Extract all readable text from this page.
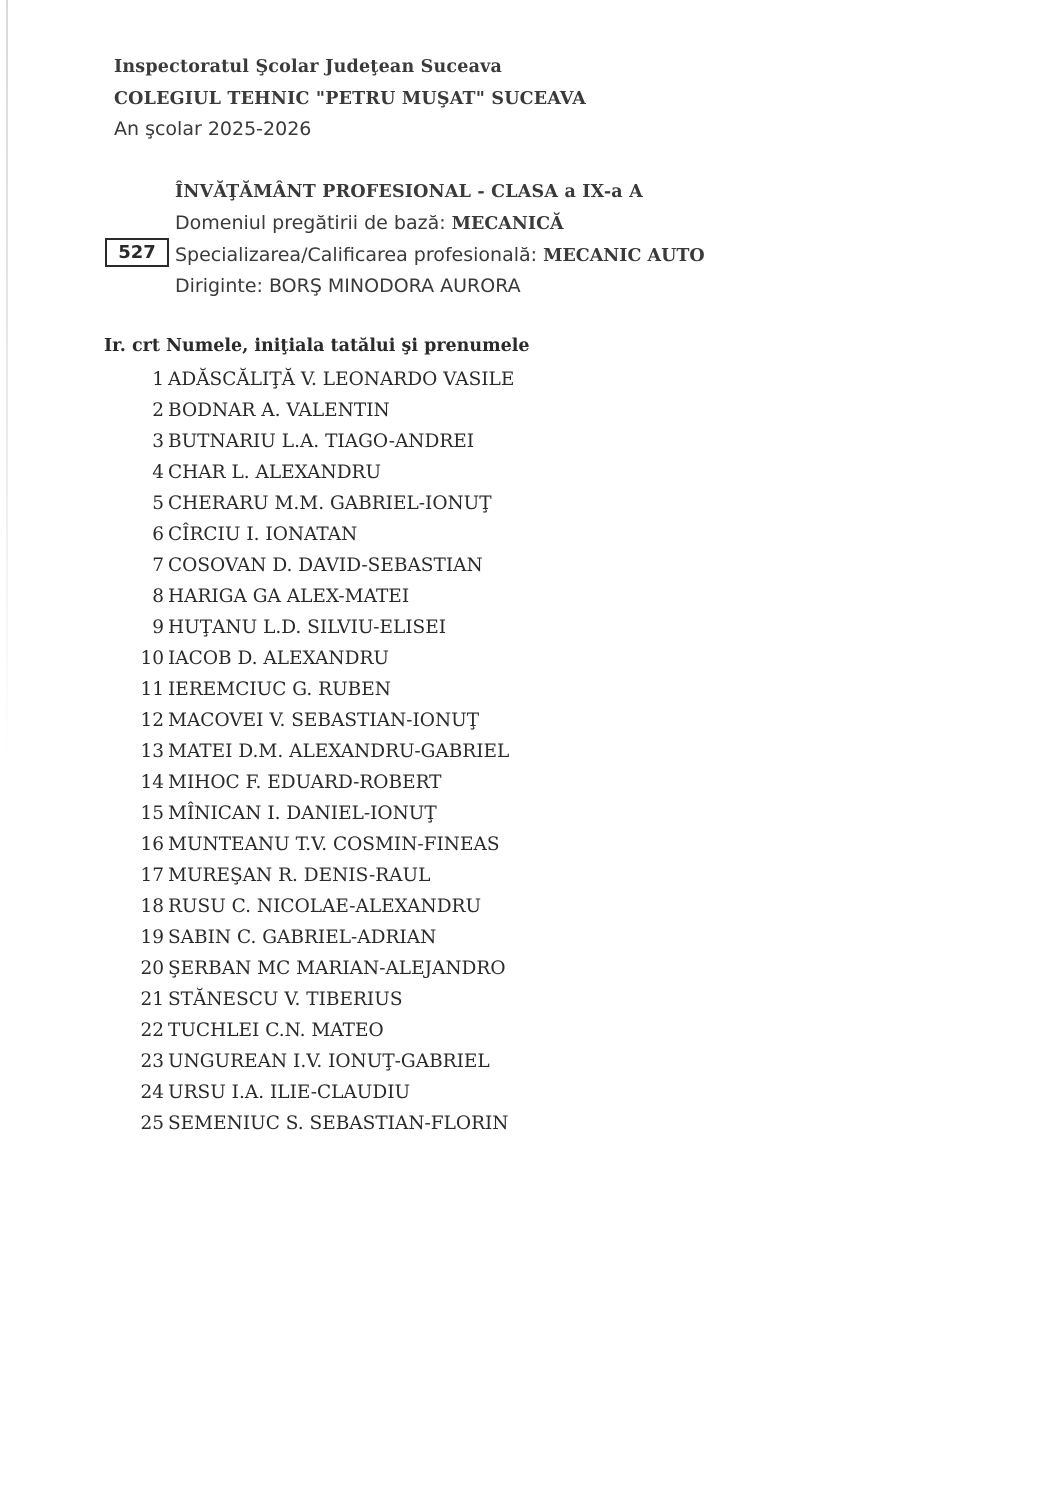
Inspectoratul Şcolar Judeţean Suceava
COLEGIUL TEHNIC "PETRU MUŞAT" SUCEAVA
An şcolar 2025-2026
ÎNVĂŢĂMÂNT PROFESIONAL - CLASA a IX-a A
Domeniul pregătirii de bază: MECANICĂ
527	Specializarea/Calificarea profesională: MECANIC AUTO
Diriginte: BORŞ MINODORA AURORA
Ir. crt Numele, iniţiala tatălui şi prenumele
1 ADĂSCĂLIŢĂ V. LEONARDO VASILE
2 BODNAR A. VALENTIN
3 BUTNARIU L.A. TIAGO-ANDREI
4 CHAR L. ALEXANDRU
5 CHERARU M.M. GABRIEL-IONUŢ
6 CÎRCIU I. IONATAN
7 COSOVAN D. DAVID-SEBASTIAN
8 HARIGA GA ALEX-MATEI
9 HUŢANU L.D. SILVIU-ELISEI
10 IACOB D. ALEXANDRU
11 IEREMCIUC G. RUBEN
12 MACOVEI V. SEBASTIAN-IONUŢ
13 MATEI D.M. ALEXANDRU-GABRIEL
14 MIHOC F. EDUARD-ROBERT
15 MÎNICAN I. DANIEL-IONUŢ
16 MUNTEANU T.V. COSMIN-FINEAS
17 MUREŞAN R. DENIS-RAUL
18 RUSU C. NICOLAE-ALEXANDRU
19 SABIN C. GABRIEL-ADRIAN
20 ŞERBAN MC MARIAN-ALEJANDRO
21 STĂNESCU V. TIBERIUS
22 TUCHLEI C.N. MATEO
23 UNGUREAN I.V. IONUŢ-GABRIEL
24 URSU I.A. ILIE-CLAUDIU
25 SEMENIUC S. SEBASTIAN-FLORIN
